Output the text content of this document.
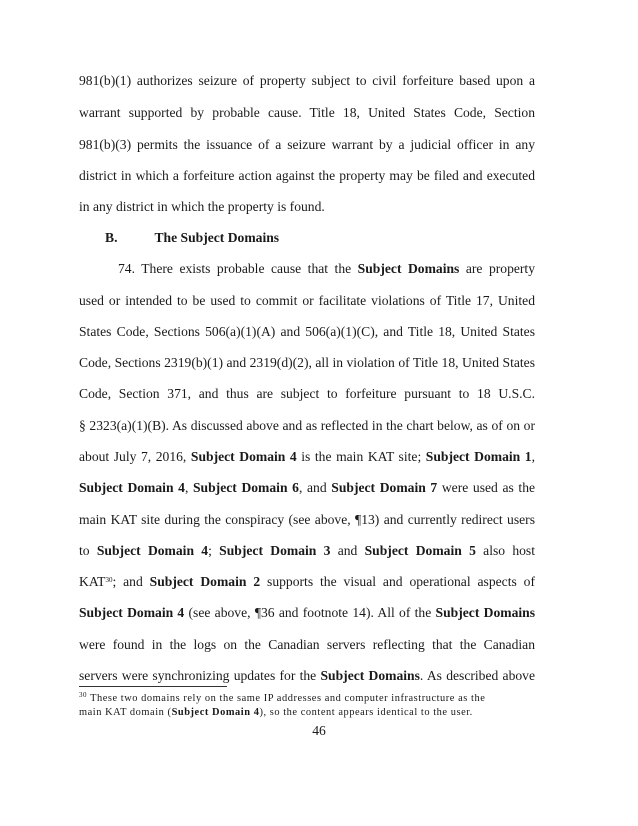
981(b)(1) authorizes seizure of property subject to civil forfeiture based upon a
warrant supported by probable cause. Title 18, United States Code, Section
981(b)(3) permits the issuance of a seizure warrant by a judicial officer in any
district in which a forfeiture action against the property may be filed and executed
in any district in which the property is found.
B.	The Subject Domains
74. There exists probable cause that the Subject Domains are property
used or intended to be used to commit or facilitate violations of Title 17, United
States Code, Sections 506(a)(1)(A) and 506(a)(1)(C), and Title 18, United States
Code, Sections 2319(b)(1) and 2319(d)(2), all in violation of Title 18, United States
Code, Section 371, and thus are subject to forfeiture pursuant to 18 U.S.C.
§ 2323(a)(1)(B). As discussed above and as reflected in the chart below, as of on or
about July 7, 2016, Subject Domain 4 is the main KAT site; Subject Domain 1,
Subject Domain 4, Subject Domain 6, and Subject Domain 7 were used as the
main KAT site during the conspiracy (see above, ¶13) and currently redirect users
to Subject Domain 4; Subject Domain 3 and Subject Domain 5 also host
KAT$^{30}$; and Subject Domain 2 supports the visual and operational aspects of
Subject Domain 4 (see above, ¶36 and footnote 14). All of the Subject Domains
were found in the logs on the Canadian servers reflecting that the Canadian
servers were synchronizing updates for the Subject Domains. As described above
$^{30}$ These two domains rely on the same IP addresses and computer infrastructure as the
main KAT domain (Subject Domain 4), so the content appears identical to the user.
46
